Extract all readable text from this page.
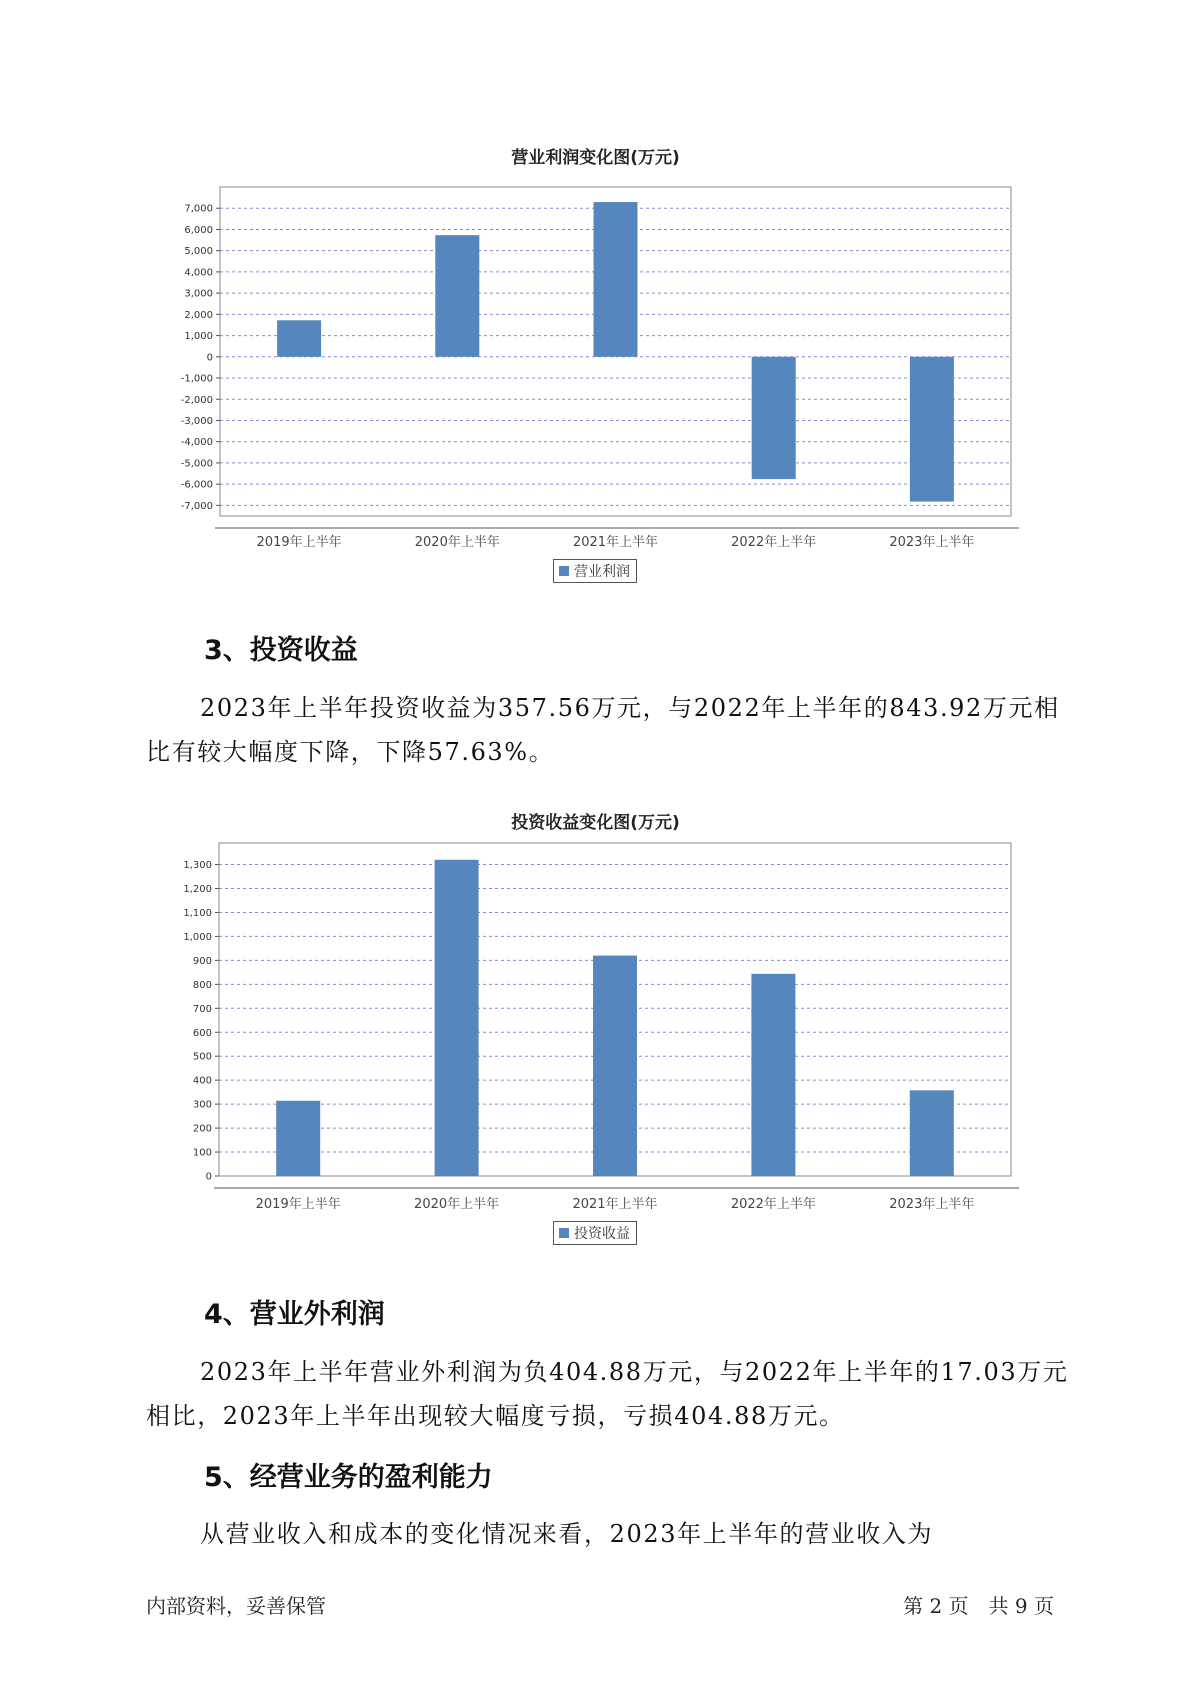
营业利润变化图(万元)
7,000
6,000
5,000
4,000
3,000
2,000
1,000
0
-1,000
-2,000
-3,000
-4,000
-5,000
-6,000
-7,000
2019年上半年	2020年上半年	2021年上半年	2022年上半年	2023年上半年
营业利润
3、投资收益
2023年上半年投资收益为357.56万元，与2022年上半年的843.92万元相比有较大幅度下降，下降57.63%。
投资收益变化图(万元)
1,300
1,200
1,100
1,000
900
800
700
600
500
400
300
200
100
0
2019年上半年	2020年上半年	2021年上半年	2022年上半年	2023年上半年
投资收益
4、营业外利润
2023年上半年营业外利润为负404.88万元，与2022年上半年的17.03万元相比，2023年上半年出现较大幅度亏损，亏损404.88万元。
5、经营业务的盈利能力
从营业收入和成本的变化情况来看，2023年上半年的营业收入为
内部资料，妥善保管	第 2 页　共 9 页
